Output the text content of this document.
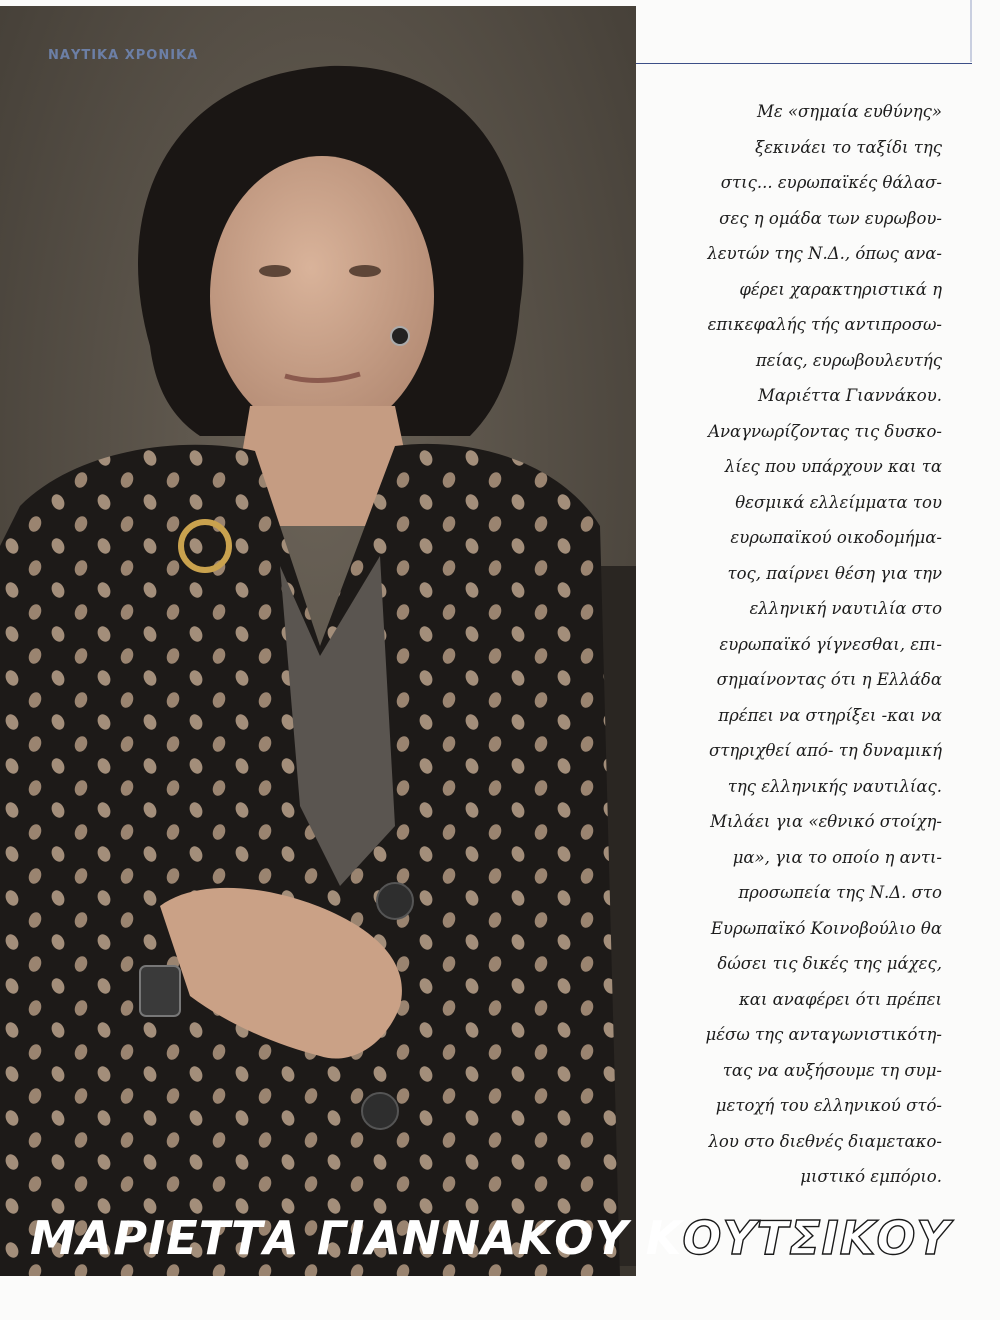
ΝΑΥΤΙΚΑ ΧΡΟΝΙΚΑ
Με «σημαία ευθύνης»
ξεκινάει το ταξίδι της
στις... ευρωπαϊκές θάλασ-
σες η ομάδα των ευρωβου-
λευτών της Ν.Δ., όπως ανα-
φέρει χαρακτηριστικά η
επικεφαλής τής αντιπροσω-
πείας, ευρωβουλευτής
Μαριέττα Γιαννάκου.
Αναγνωρίζοντας τις δυσκο-
λίες που υπάρχουν και τα
θεσμικά ελλείμματα του
ευρωπαϊκού οικοδομήμα-
τος, παίρνει θέση για την
ελληνική ναυτιλία στο
ευρωπαϊκό γίγνεσθαι, επι-
σημαίνοντας ότι η Ελλάδα
πρέπει να στηρίξει -και να
στηριχθεί από- τη δυναμική
της ελληνικής ναυτιλίας.
Μιλάει για «εθνικό στοίχη-
μα», για το οποίο η αντι-
προσωπεία της Ν.Δ. στο
Ευρωπαϊκό Κοινοβούλιο θα
δώσει τις δικές της μάχες,
και αναφέρει ότι πρέπει
μέσω της ανταγωνιστικότη-
τας να αυξήσουμε τη συμ-
μετοχή του ελληνικού στό-
λου στο διεθνές διαμετακο-
μιστικό εμπόριο.
ΜΑΡΙΕΤΤΑ ΓΙΑΝΝΑΚΟΥ ΚΟΥΤΣΙΚΟΥ
